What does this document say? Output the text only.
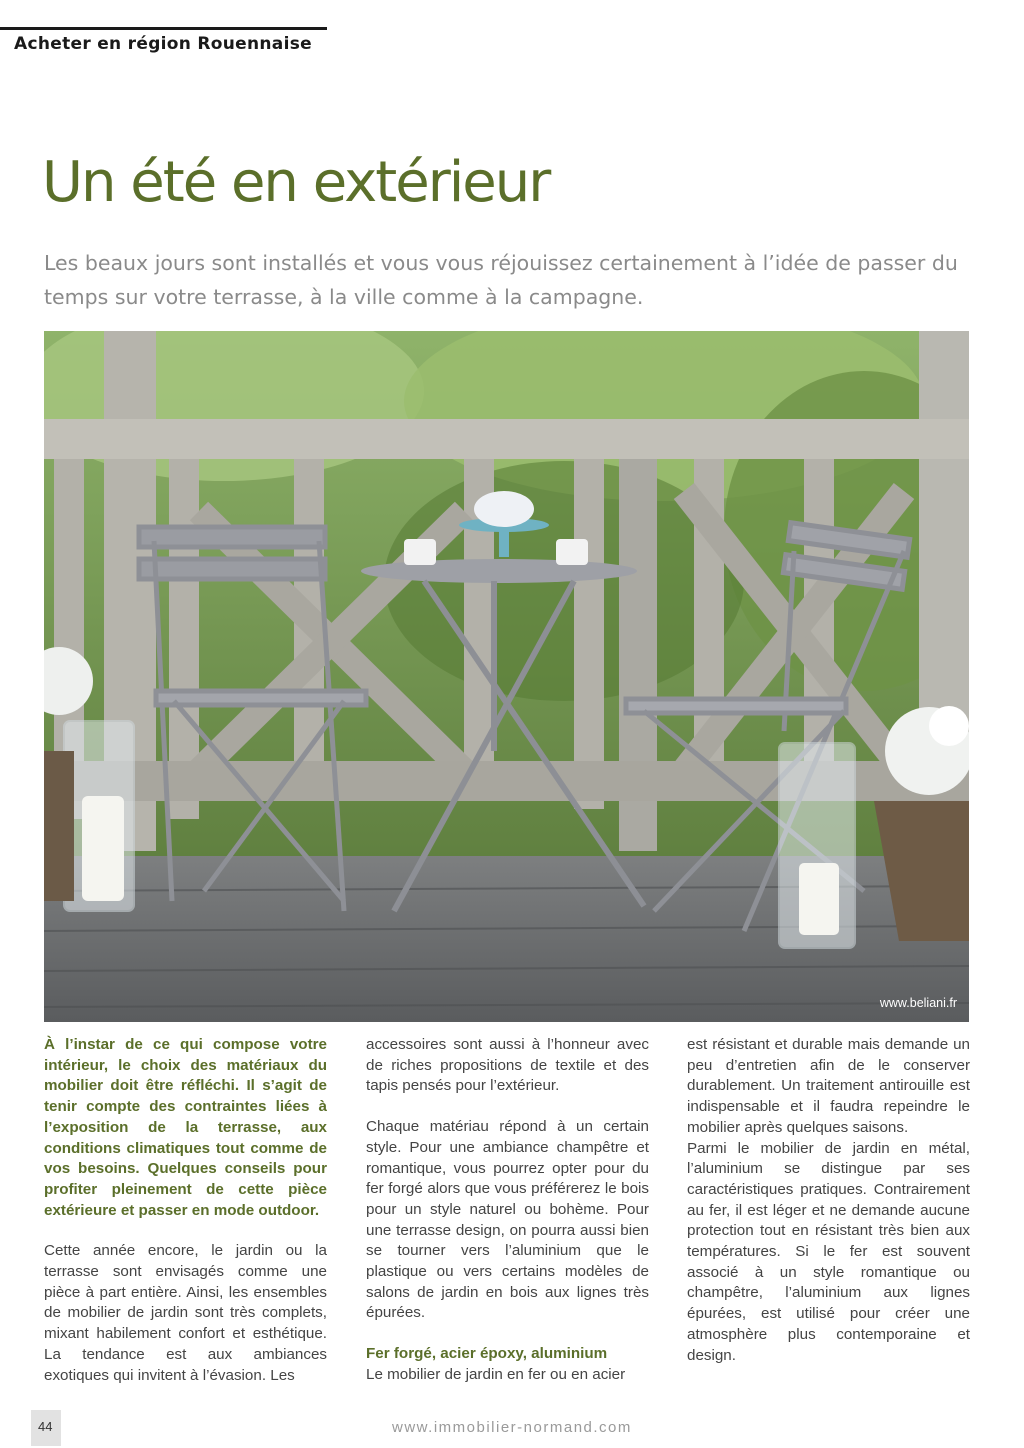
Acheter en région Rouennaise
Un été en extérieur

Les beaux jours sont installés et vous vous réjouissez certainement à l’idée de passer du temps sur votre terrasse, à la ville comme à la campagne.

www.beliani.fr

À l’instar de ce qui compose votre intérieur, le choix des matériaux du mobilier doit être réfléchi. Il s’agit de tenir compte des contraintes liées à l’exposition de la terrasse, aux conditions climatiques tout comme de vos besoins. Quelques conseils pour profiter pleinement de cette pièce extérieure et passer en mode outdoor.

Cette année encore, le jardin ou la terrasse sont envisagés comme une pièce à part entière. Ainsi, les ensembles de mobilier de jardin sont très complets, mixant habilement confort et esthétique. La tendance est aux ambiances exotiques qui invitent à l’évasion. Les

accessoires sont aussi à l’honneur avec de riches propositions de textile et des tapis pensés pour l’extérieur.

Chaque matériau répond à un certain style. Pour une ambiance champêtre et romantique, vous pourrez opter pour du fer forgé alors que vous préférerez le bois pour un style naturel ou bohème. Pour une terrasse design, on pourra aussi bien se tourner vers l’aluminium que le plastique ou vers certains modèles de salons de jardin en bois aux lignes très épurées.

Fer forgé, acier époxy, aluminium

Le mobilier de jardin en fer ou en acier

est résistant et durable mais demande un peu d’entretien afin de le conserver durablement. Un traitement antirouille est indispensable et il faudra repeindre le mobilier après quelques saisons.

Parmi le mobilier de jardin en métal, l’aluminium se distingue par ses caractéristiques pratiques. Contrairement au fer, il est léger et ne demande aucune protection tout en résistant très bien aux températures. Si le fer est souvent associé à un style romantique ou champêtre, l’aluminium aux lignes épurées, est utilisé pour créer une atmosphère plus contemporaine et design.

44	www.immobilier-normand.com
